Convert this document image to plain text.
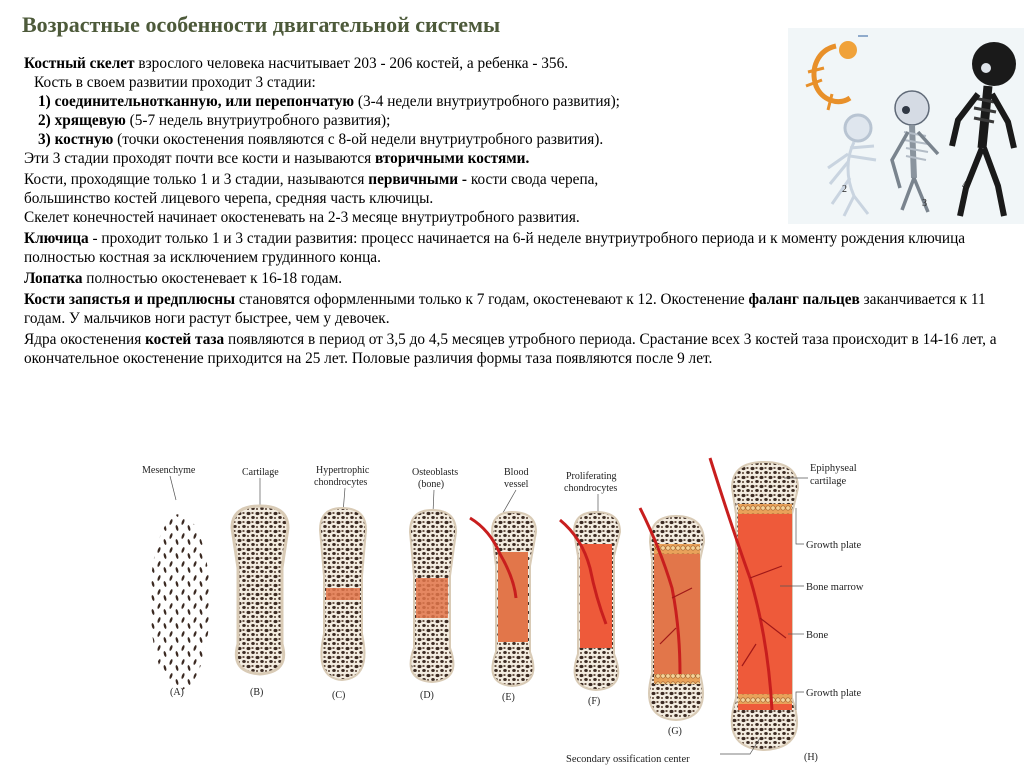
Возрастные особенности двигательной системы

Костный скелет взрослого человека насчитывает 203 - 206 костей, а ребенка - 356.

Кость в своем развитии проходит 3 стадии:

1) соединительнотканную, или перепончатую (3-4 недели внутриутробного развития);

2) хрящевую (5-7 недель внутриутробного развития);

3) костную (точки окостенения появляются с 8-ой недели внутриутробного развития).

Эти 3 стадии проходят почти все кости и называются вторичными костями.

Кости, проходящие только 1 и 3 стадии, называются первичными - кости свода черепа,
большинство костей лицевого черепа, средняя часть ключицы.

Скелет конечностей начинает окостеневать на 2-3 месяце внутриутробного развития.

Ключица - проходит только 1 и 3 стадии развития: процесс начинается на 6-й неделе внутриутробного периода и к моменту рождения ключица полностью костная за исключением грудинного конца.

Лопатка полностью окостеневает к 16-18 годам.

Кости запястья и предплюсны становятся оформленными только к 7 годам, окостеневают к 12. Окостенение фаланг пальцев заканчивается к 11 годам. У мальчиков ноги растут быстрее, чем у девочек.

Ядра окостенения костей таза появляются в период от 3,5 до 4,5 месяцев утробного периода. Срастание всех 3 костей таза происходит в 14-16 лет, а окончательное окостенение приходится на 25 лет. Половые различия формы таза появляются после 9 лет.

2
3
4
Mesenchyme	Cartilage	Hypertrophic
chondrocytes
Osteoblasts
(bone)
Blood
vessel
Proliferating
chondrocytes
Epiphyseal
cartilage
Growth plate
Bone marrow
Bone
Growth plate
Secondary ossification center
(A)	(B)	(C)	(D)	(E)	(F)
(G)
(H)
